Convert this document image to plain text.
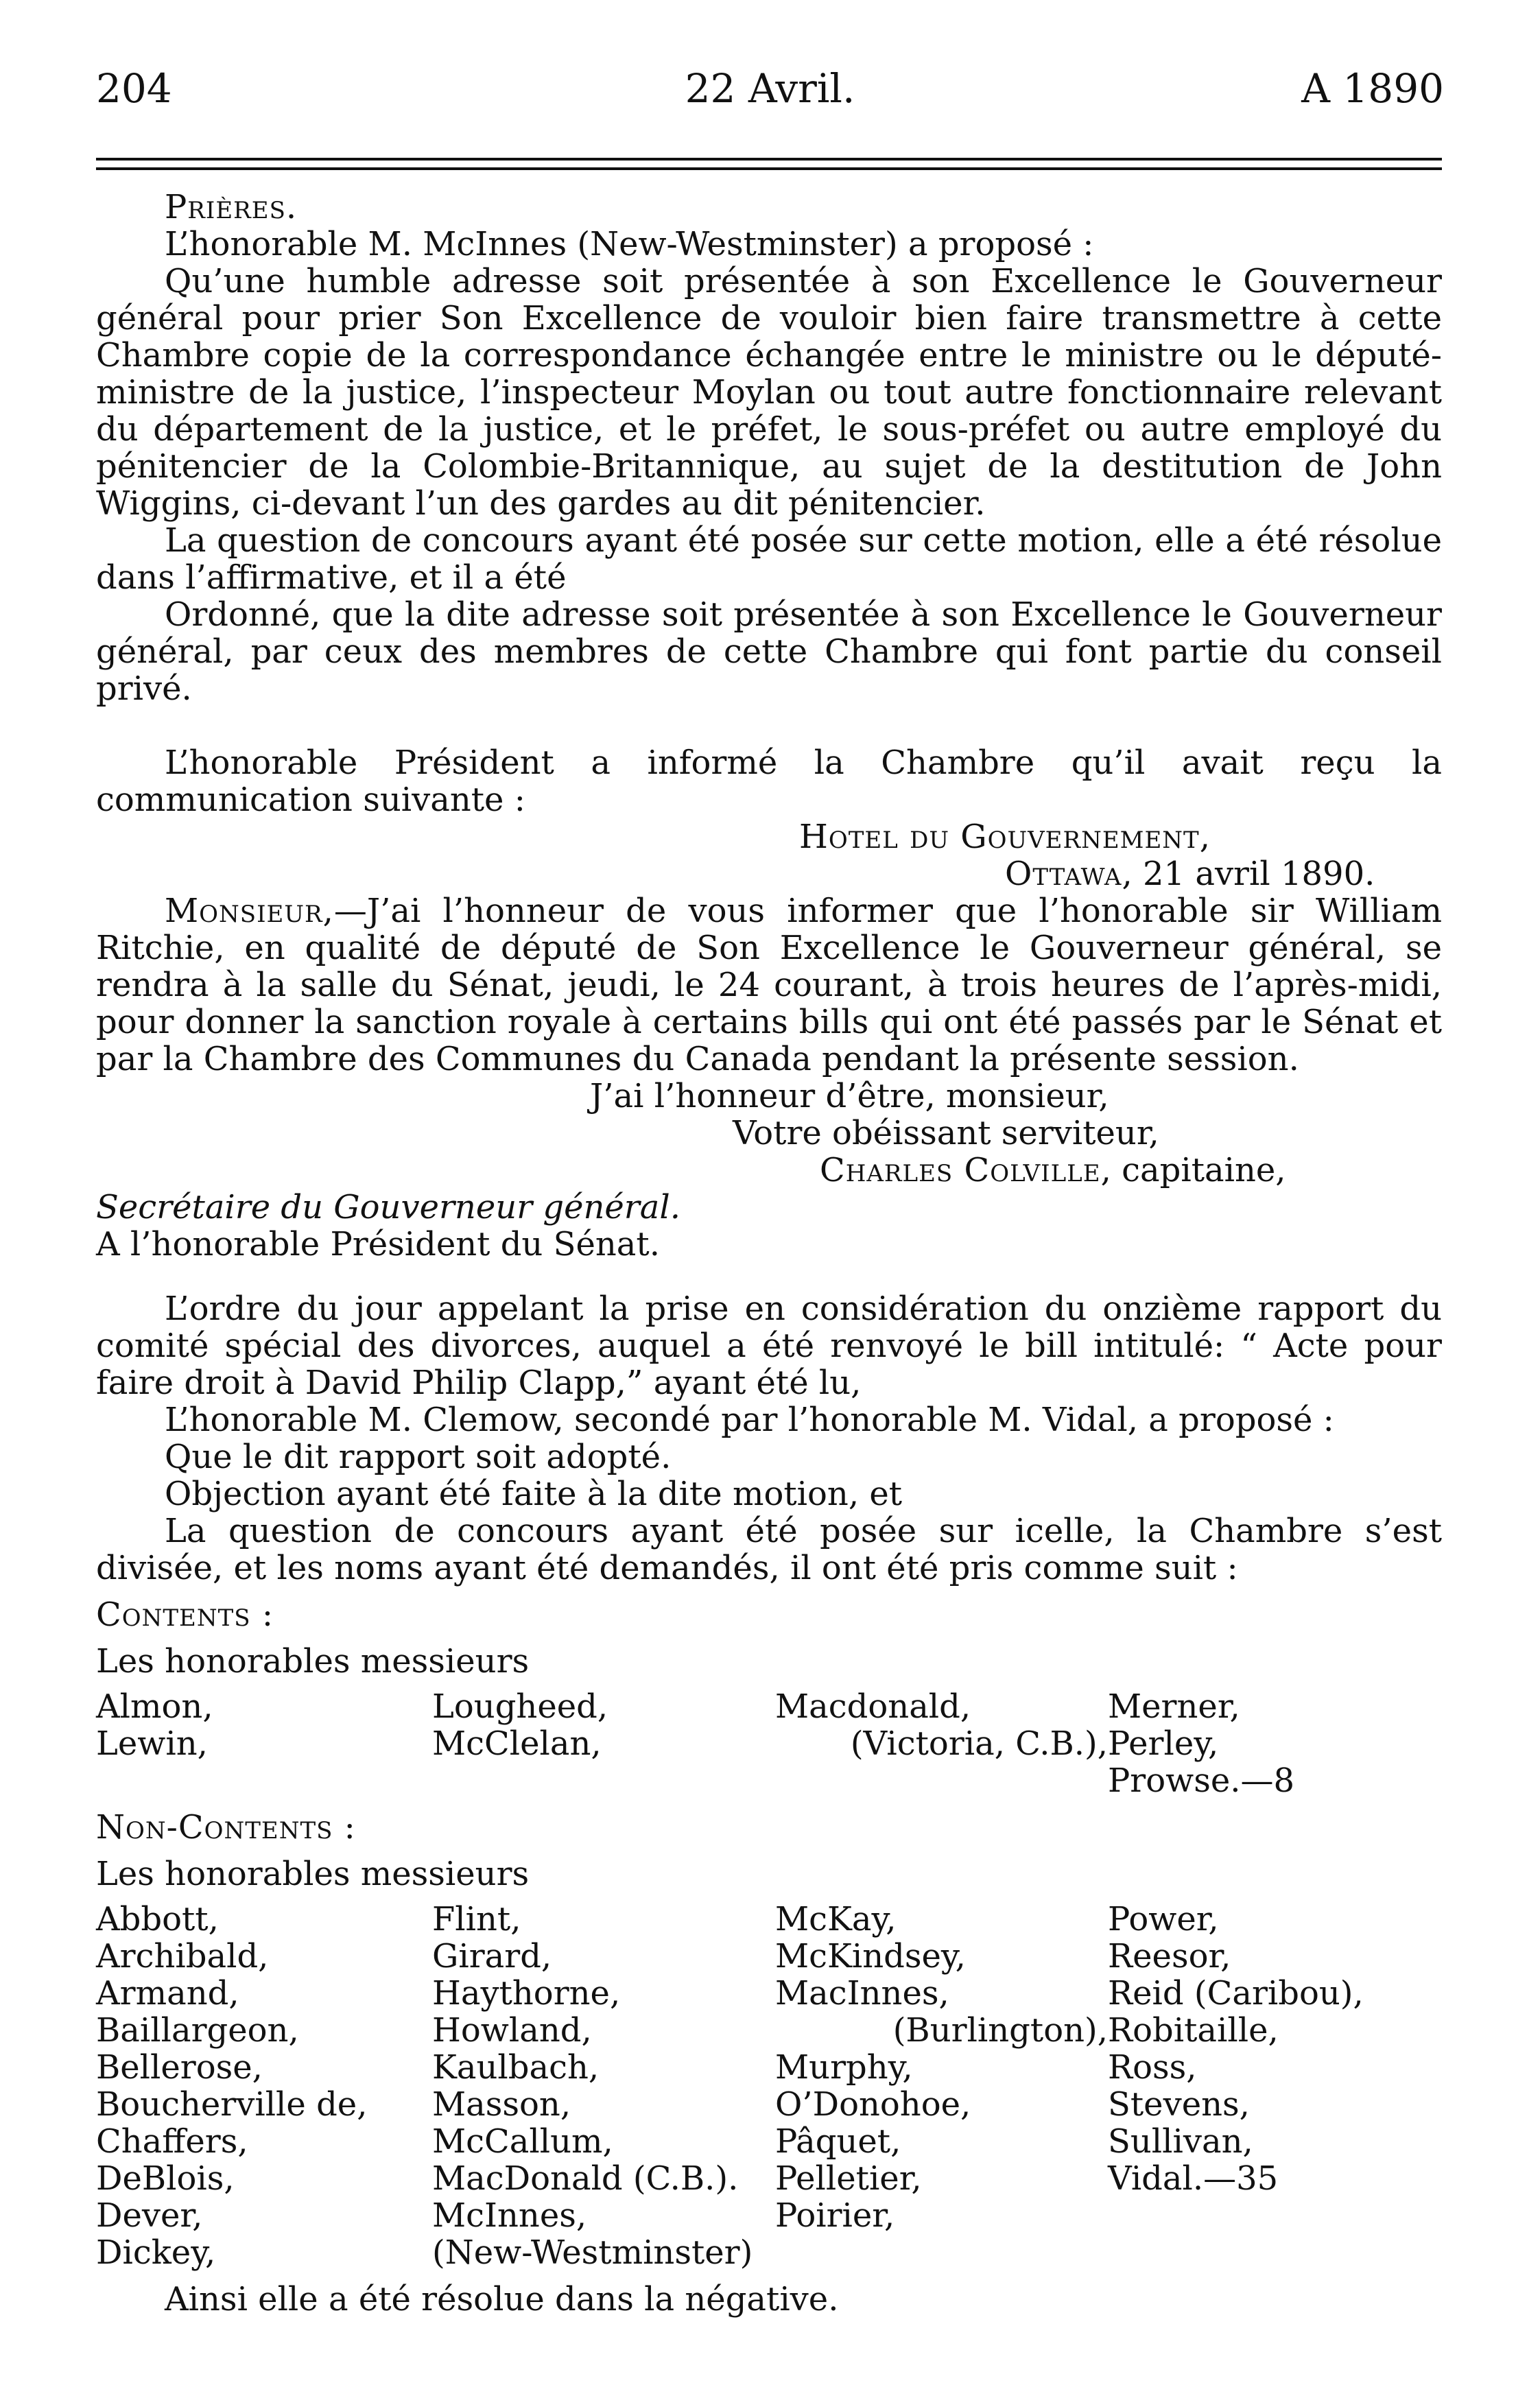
204	22 Avril.	A 1890

Prières.

L’honorable M. McInnes (New-Westminster) a proposé :

Qu’une humble adresse soit présentée à son Excellence le Gouverneur général pour prier Son Excellence de vouloir bien faire transmettre à cette Chambre copie de la correspondance échangée entre le ministre ou le député-ministre de la justice, l’inspecteur Moylan ou tout autre fonctionnaire relevant du département de la justice, et le préfet, le sous-préfet ou autre employé du pénitencier de la Colombie-Britannique, au sujet de la destitution de John Wiggins, ci-devant l’un des gardes au dit pénitencier.

La question de concours ayant été posée sur cette motion, elle a été résolue dans l’affirmative, et il a été

Ordonné, que la dite adresse soit présentée à son Excellence le Gouverneur général, par ceux des membres de cette Chambre qui font partie du conseil privé.

L’honorable Président a informé la Chambre qu’il avait reçu la communication suivante :

Hotel du Gouvernement,

Ottawa, 21 avril 1890.

Monsieur,—J’ai l’honneur de vous informer que l’honorable sir William Ritchie, en qualité de député de Son Excellence le Gouverneur général, se rendra à la salle du Sénat, jeudi, le 24 courant, à trois heures de l’après-midi, pour donner la sanction royale à certains bills qui ont été passés par le Sénat et par la Chambre des Communes du Canada pendant la présente session.

J’ai l’honneur d’être, monsieur,

Votre obéissant serviteur,

Charles Colville, capitaine,

Secrétaire du Gouverneur général.

A l’honorable Président du Sénat.

L’ordre du jour appelant la prise en considération du onzième rapport du comité spécial des divorces, auquel a été renvoyé le bill intitulé: “ Acte pour faire droit à David Philip Clapp,” ayant été lu,

L’honorable M. Clemow, secondé par l’honorable M. Vidal, a proposé :

Que le dit rapport soit adopté.

Objection ayant été faite à la dite motion, et

La question de concours ayant été posée sur icelle, la Chambre s’est divisée, et les noms ayant été demandés, il ont été pris comme suit :

Contents :

Les honorables messieurs

Almon,	Lougheed,	Macdonald,	Merner,
Lewin,	McClelan,	(Victoria, C.B.),	Perley,
			Prowse.—8

Non-Contents :

Les honorables messieurs

Abbott,	Flint,	McKay,	Power,
Archibald,	Girard,	McKindsey,	Reesor,
Armand,	Haythorne,	MacInnes,	Reid (Caribou),
Baillargeon,	Howland,	(Burlington),	Robitaille,
Bellerose,	Kaulbach,	Murphy,	Ross,
Boucherville de,	Masson,	O’Donohoe,	Stevens,
Chaffers,	McCallum,	Pâquet,	Sullivan,
DeBlois,	MacDonald (C.B.).	Pelletier,	Vidal.—35
Dever,	McInnes,	Poirier,	
Dickey,	(New-Westminster)		

Ainsi elle a été résolue dans la négative.
